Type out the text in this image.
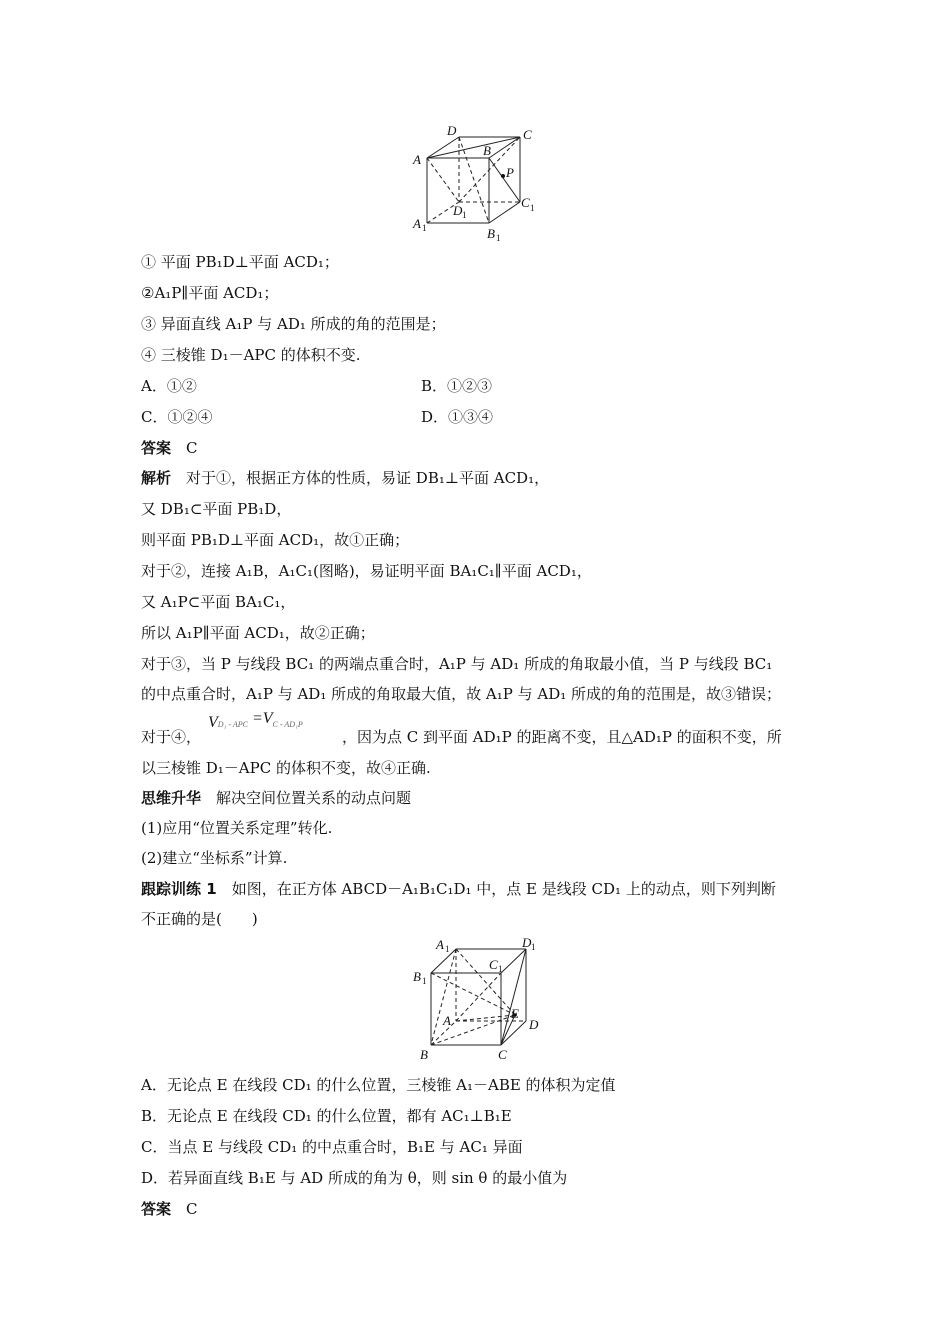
D	C
A
B
P
D 1
C 1
A 1	B 1
① 平面 PB₁D⊥平面 ACD₁；
②A₁P∥平面 ACD₁；
③ 异面直线 A₁P 与 AD₁ 所成的角的范围是；
④ 三棱锥 D₁－APC 的体积不变.
A．①②	B．①②③
C．①②④	D．①③④
答案　 C
解析　 对于①，根据正方体的性质，易证 DB₁⊥平面 ACD₁，
又 DB₁⊂平面 PB₁D，
则平面 PB₁D⊥平面 ACD₁，故①正确；
对于②，连接 A₁B，A₁C₁(图略)，易证明平面 BA₁C₁∥平面 ACD₁，
又 A₁P⊂平面 BA₁C₁，
所以 A₁P∥平面 ACD₁，故②正确；
对于③，当 P 与线段 BC₁ 的两端点重合时，A₁P 与 AD₁ 所成的角取最小值，当 P 与线段 BC₁
的中点重合时，A₁P 与 AD₁ 所成的角取最大值，故 A₁P 与 AD₁ 所成的角的范围是，故③错误；
对于④，
VD₁ - APC =VC - AD₁P
，因为点 C 到平面 AD₁P 的距离不变，且△AD₁P 的面积不变，所
以三棱锥 D₁－APC 的体积不变，故④正确.
思维升华　 解决空间位置关系的动点问题
(1)应用“位置关系定理”转化.
(2)建立“坐标系”计算.
跟踪训练 1　 如图，在正方体 ABCD－A₁B₁C₁D₁ 中，点 E 是线段 CD₁ 上的动点，则下列判断
不正确的是(　　)
A 1	D 1
B 1
C 1
A	E
D
B	C
A．无论点 E 在线段 CD₁ 的什么位置，三棱锥 A₁－ABE 的体积为定值
B．无论点 E 在线段 CD₁ 的什么位置，都有 AC₁⊥B₁E
C．当点 E 与线段 CD₁ 的中点重合时，B₁E 与 AC₁ 异面
D．若异面直线 B₁E 与 AD 所成的角为 θ，则 sin θ 的最小值为
答案　 C
